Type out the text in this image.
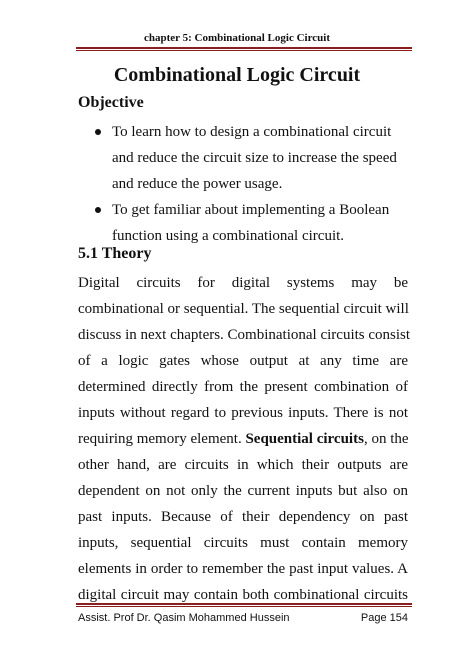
chapter 5: Combinational Logic Circuit
Combinational Logic Circuit
Objective
To learn how to design a combinational circuit and reduce the circuit size to increase the speed and reduce the power usage.
To get familiar about implementing a Boolean function using a combinational circuit.
5.1 Theory
Digital circuits for digital systems may be
combinational or sequential. The sequential circuit will
discuss in next chapters. Combinational circuits consist
of a logic gates whose output at any time are
determined directly from the present combination of
inputs without regard to previous inputs. There is not
requiring memory element. Sequential circuits, on the
other hand, are circuits in which their outputs are
dependent on not only the current inputs but also on
past inputs. Because of their dependency on past
inputs, sequential circuits must contain memory
elements in order to remember the past input values. A
digital circuit may contain both combinational circuits
Assist. Prof Dr. Qasim Mohammed Hussein	Page 154
